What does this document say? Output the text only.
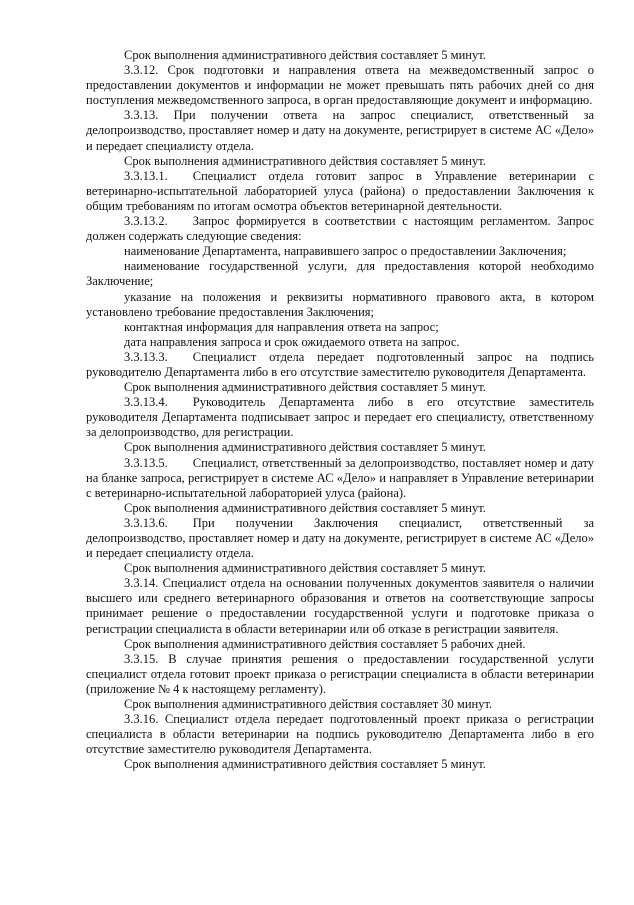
Срок выполнения административного действия составляет 5 минут.

3.3.12. Срок подготовки и направления ответа на межведомственный запрос о предоставлении документов и информации не может превышать пять рабочих дней со дня поступления межведомственного запроса, в орган предоставляющие документ и информацию.

3.3.13. При получении ответа на запрос специалист, ответственный за делопроизводство, проставляет номер и дату на документе, регистрирует в системе АС «Дело» и передает специалисту отдела.

Срок выполнения административного действия составляет 5 минут.

3.3.13.1.  Специалист отдела готовит запрос в Управление ветеринарии с ветеринарно-испытательной лабораторией улуса (района) о предоставлении Заключения к общим требованиям по итогам осмотра объектов ветеринарной деятельности.

3.3.13.2.  Запрос формируется в соответствии с настоящим регламентом. Запрос должен содержать следующие сведения:

наименование Департамента, направившего запрос о предоставлении Заключения;

наименование государственной услуги, для предоставления которой необходимо Заключение;

указание на положения и реквизиты нормативного правового акта, в котором установлено требование предоставления Заключения;

контактная информация для направления ответа на запрос;

дата направления запроса и срок ожидаемого ответа на запрос.

3.3.13.3.  Специалист отдела передает подготовленный запрос на подпись руководителю Департамента либо в его отсутствие заместителю руководителя Департамента.

Срок выполнения административного действия составляет 5 минут.

3.3.13.4.  Руководитель Департамента либо в его отсутствие заместитель руководителя Департамента подписывает запрос и передает его специалисту, ответственному за делопроизводство, для регистрации.

Срок выполнения административного действия составляет 5 минут.

3.3.13.5.  Специалист, ответственный за делопроизводство, поставляет номер и дату на бланке запроса, регистрирует в системе АС «Дело» и направляет в Управление ветеринарии с ветеринарно-испытательной лабораторией улуса (района).

Срок выполнения административного действия составляет 5 минут.

3.3.13.6.  При получении Заключения специалист, ответственный за делопроизводство, проставляет номер и дату на документе, регистрирует в системе АС «Дело» и передает специалисту отдела.

Срок выполнения административного действия составляет 5 минут.

3.3.14. Специалист отдела на основании полученных документов заявителя о наличии высшего или среднего ветеринарного образования и ответов на соответствующие запросы принимает решение о предоставлении государственной услуги и подготовке приказа о регистрации специалиста в области ветеринарии или об отказе в регистрации заявителя.

Срок выполнения административного действия составляет 5 рабочих дней.

3.3.15. В случае принятия решения о предоставлении государственной услуги специалист отдела готовит проект приказа о регистрации специалиста в области ветеринарии (приложение № 4 к настоящему регламенту).

Срок выполнения административного действия составляет 30 минут.

3.3.16. Специалист отдела передает подготовленный проект приказа о регистрации специалиста в области ветеринарии на подпись руководителю Департамента либо в его отсутствие заместителю руководителя Департамента.

Срок выполнения административного действия составляет 5 минут.
